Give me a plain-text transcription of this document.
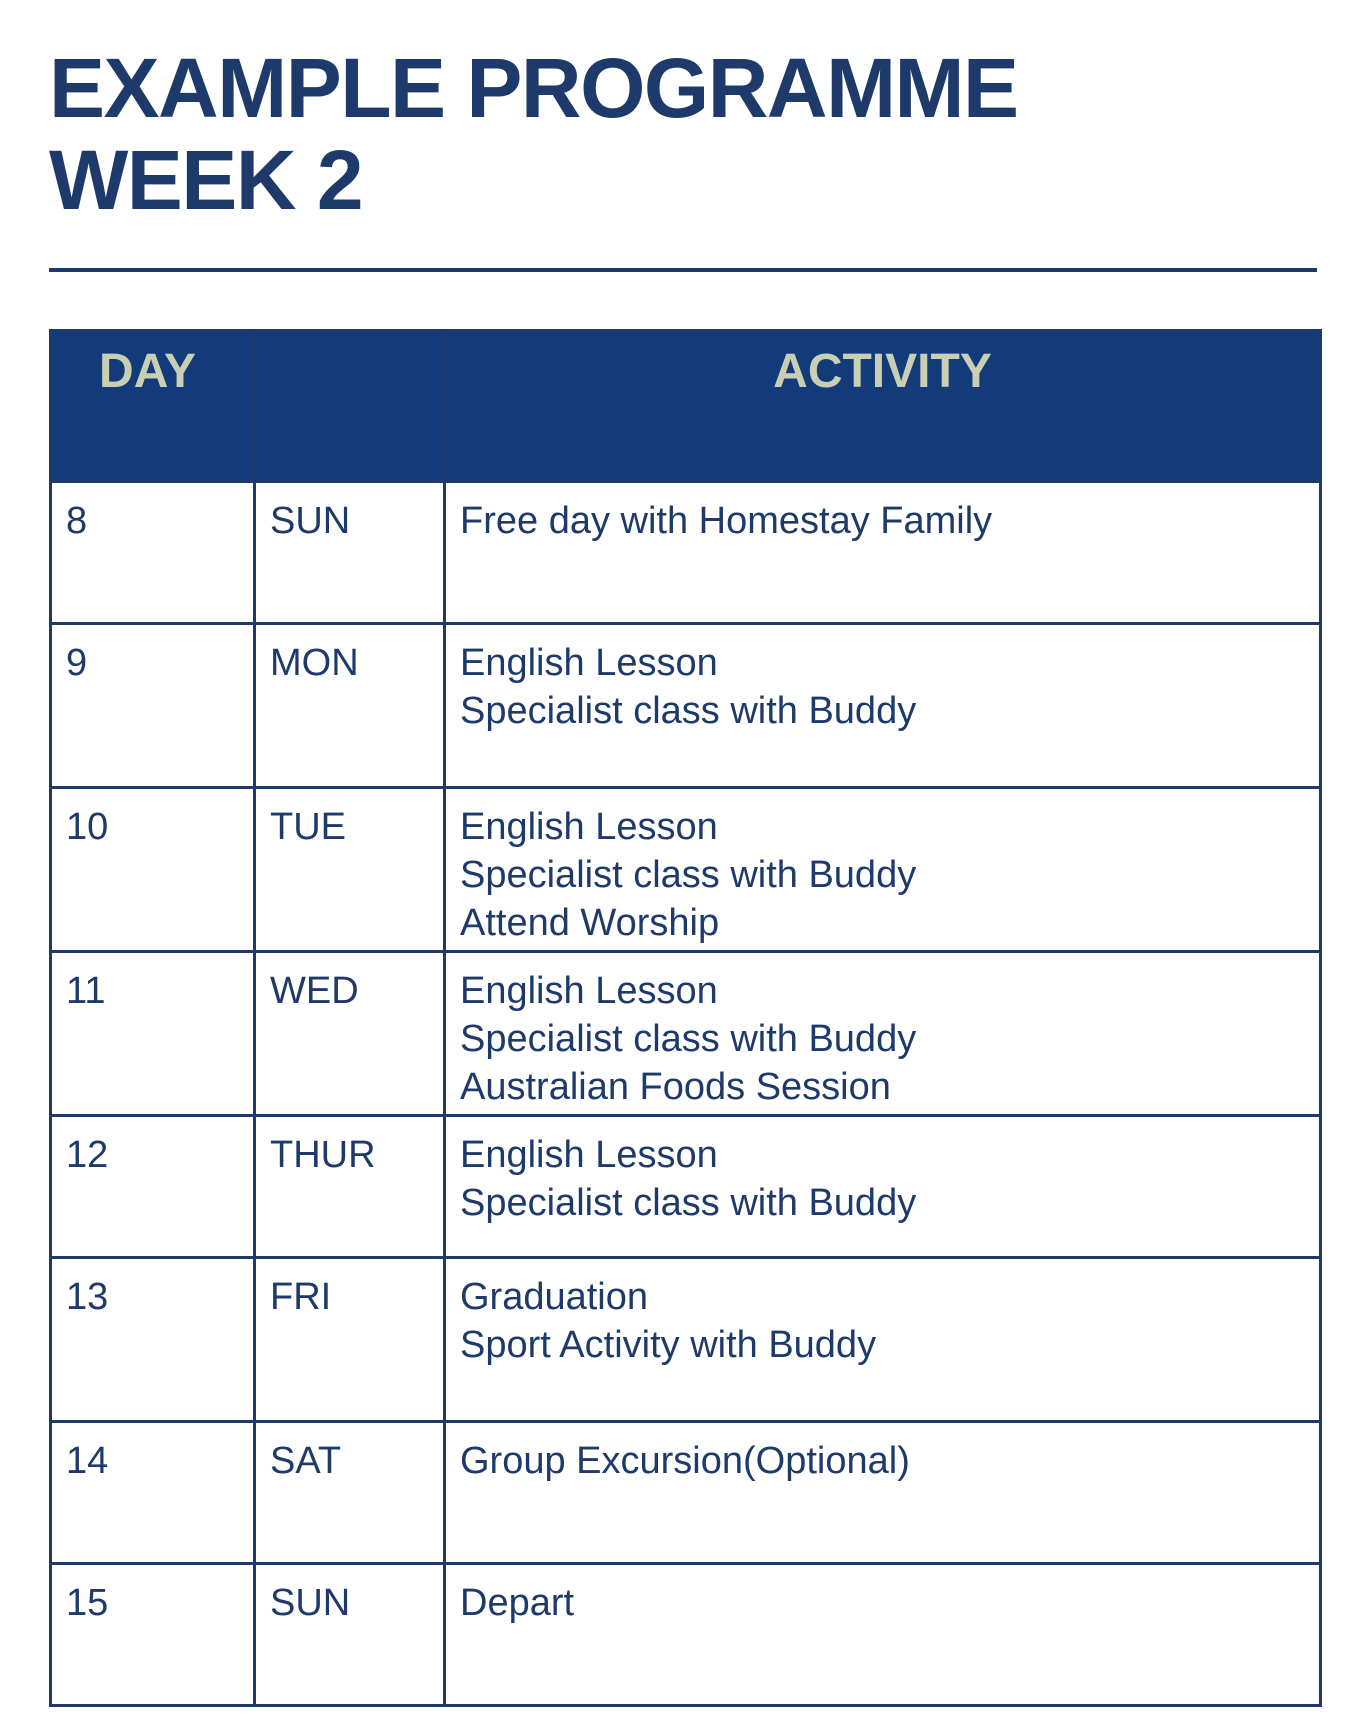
EXAMPLE PROGRAMME
WEEK 2
DAY		ACTIVITY
8	SUN	Free day with Homestay Family

9	MON	English Lesson
Specialist class with Buddy

10	TUE	English Lesson
Specialist class with Buddy
Attend Worship

11	WED	English Lesson
Specialist class with Buddy
Australian Foods Session

12	THUR	English Lesson
Specialist class with Buddy

13	FRI	Graduation
Sport Activity with Buddy

14	SAT	Group Excursion(Optional)

15	SUN	Depart
